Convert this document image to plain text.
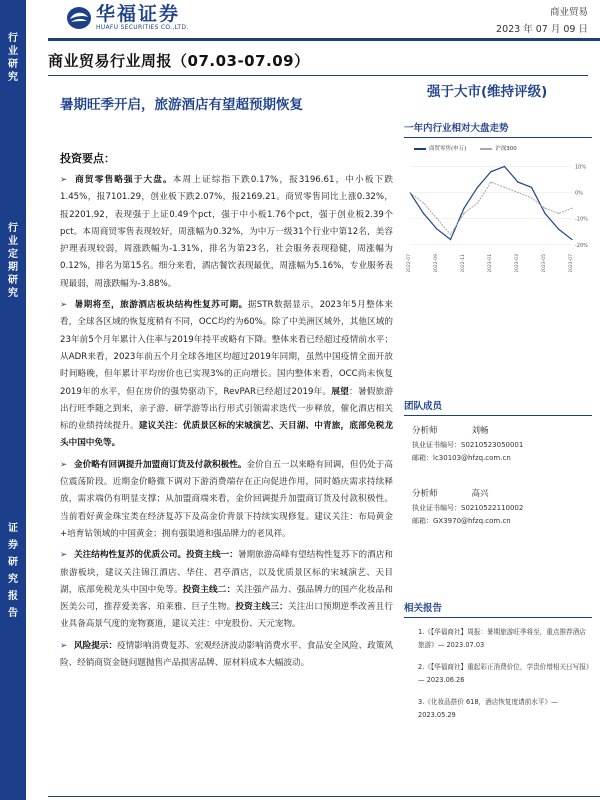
行业研究
行业定期研究
证券研究报告
华福证券
HUAFU SECURITIES CO.,LTD.
商业贸易
2023 年 07 月 09 日
商业贸易行业周报（07.03-07.09）
暑期旺季开启，旅游酒店有望超预期恢复
强于大市(维持评级)
投资要点：
➢ 商贸零售略强于大盘。本周上证综指下跌0.17%，报3196.61，中小板下跌1.45%，报7101.29，创业板下跌2.07%，报2169.21。商贸零售同比上涨0.32%，报2201.92，表现强于上证0.49个pct，强于中小板1.76个pct，强于创业板2.39个pct。本周商贸零售表现较好，周涨幅为0.32%，为中万一级31个行业中第12名，美容护理表现较弱，周涨跌幅为-1.31%，排名为第23名，社会服务表现稳健，周涨幅为0.12%，排名为第15名。细分来看，酒店餐饮表现最优，周涨幅为5.16%，专业服务表现最弱，周涨跌幅为-3.88%。
➢ 暑期将至，旅游酒店板块结构性复苏可期。据STR数据显示，2023年5月整体来看，全球各区域的恢复度稍有不同，OCC均约为60%。除了中美洲区域外，其他区域的23年前5个月年累计入住率与2019年持平或略有下降。整体来看已经超过疫情前水平；从ADR来看，2023年前五个月全球各地区均超过2019年同期，虽然中国疫情全面开放时间略晚，但年累计平均房价也已实现3%的正向增长。国内整体来看，OCC尚未恢复2019年的水平，但在房价的强势驱动下，RevPAR已经超过2019年。展望：暑假旅游出行旺季随之到来，亲子游、研学游等出行形式引领需求迭代一步释放，催化酒店相关标的业绩持续提升。建议关注：优质景区标的宋城演艺、天目湖、中青旅，底部免税龙头中国中免等。
➢ 金价略有回调提升加盟商订货及付款积极性。金价自五一以来略有回调，但仍处于高位震荡阶段。近期金价略微下调对下游消费端存在正向促进作用，同时婚庆需求持续释放，需求端仍有明显支撑；从加盟商端来看，金价回调提升加盟商订货及付款积极性。当前看好黄金珠宝类在经济复苏下及高金价背景下持续实现修复。建议关注：布局黄金+培育钻领域的中国黄金；拥有强渠道和强品牌力的老凤祥。
➢ 关注结构性复苏的优质公司。投资主线一：暑期旅游高峰有望结构性复苏下的酒店和旅游板块，建议关注锦江酒店、华住、君亭酒店，以及优质景区标的宋城演艺、天目湖，底部免税龙头中国中免等。投资主线二：关注强产品力、强品牌力的国产化妆品和医美公司，推荐爱美客、珀莱雅、巨子生物。投资主线三：关注出口预期逆季改善且行业具备高景气度的宠物赛道，建议关注：中宠股份、天元宠物。
➢ 风险提示：疫情影响消费复苏、宏观经济波动影响消费水平、食品安全风险、政策风险、经销商资金链问题抛售产品损害品牌、原材料成本大幅波动。
一年内行业相对大盘走势
商贸零售(申万)	沪深300
10%
0%
-10%
-20%
2022-07	2022-09	2022-11	2023-01	2023-03	2023-05	2023-07
团队成员
分析师	刘畅
执业证书编号：S0210523050001
邮箱：lc30103@hfzq.com.cn
分析师	高兴
执业证书编号：S0210522110002
邮箱：GX3970@hfzq.com.cn
相关报告
1.《【华福商社】周报：暑期旅游旺季将至，重点推荐酒店旅游》— 2023.07.03
2.《【华福商社】重起彩正消费价位，学贵价增相关日写报》— 2023.06.26
3.《化妆品搭价 618，酒店恢复度请前水平》— 2023.05.29
